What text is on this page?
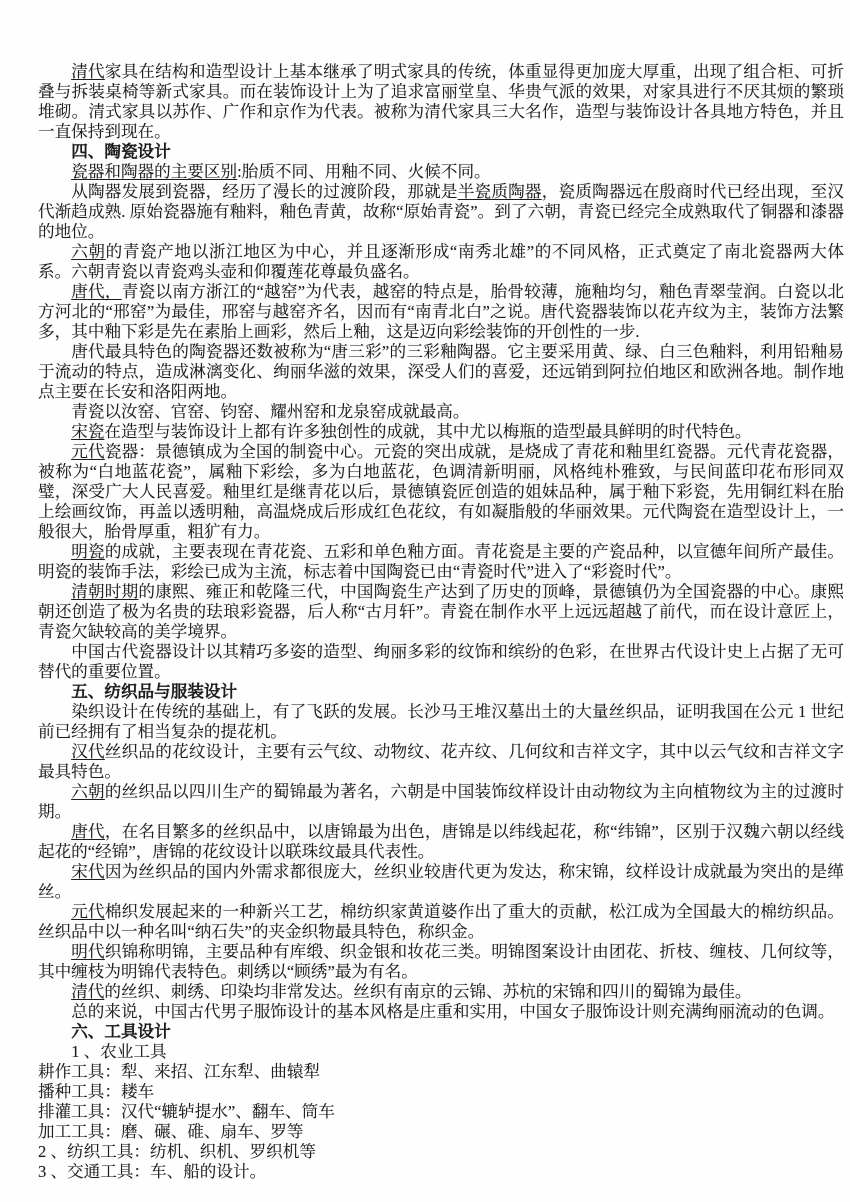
清代家具在结构和造型设计上基本继承了明式家具的传统，体重显得更加庞大厚重，出现了组合柜、可折叠与拆装桌椅等新式家具。而在装饰设计上为了追求富丽堂皇、华贵气派的效果，对家具进行不厌其烦的繁琐堆砌。清式家具以苏作、广作和京作为代表。被称为清代家具三大名作，造型与装饰设计各具地方特色，并且一直保持到现在。

四、陶瓷设计

瓷器和陶器的主要区别:胎质不同、用釉不同、火候不同。

从陶器发展到瓷器，经历了漫长的过渡阶段，那就是半瓷质陶器，瓷质陶器远在殷商时代已经出现，至汉代渐趋成熟. 原始瓷器施有釉料，釉色青黄，故称“原始青瓷”。到了六朝，青瓷已经完全成熟取代了铜器和漆器的地位。

六朝的青瓷产地以浙江地区为中心，并且逐渐形成“南秀北雄”的不同风格，正式奠定了南北瓷器两大体系。六朝青瓷以青瓷鸡头壶和仰覆莲花尊最负盛名。

唐代，青瓷以南方浙江的“越窑”为代表，越窑的特点是，胎骨较薄，施釉均匀，釉色青翠莹润。白瓷以北方河北的“邢窑”为最佳，邢窑与越窑齐名，因而有“南青北白”之说。唐代瓷器装饰以花卉纹为主，装饰方法繁多，其中釉下彩是先在素胎上画彩，然后上釉，这是迈向彩绘装饰的开创性的一步.

唐代最具特色的陶瓷器还数被称为“唐三彩”的三彩釉陶器。它主要采用黄、绿、白三色釉料，利用铅釉易于流动的特点，造成淋漓变化、绚丽华滋的效果，深受人们的喜爱，还远销到阿拉伯地区和欧洲各地。制作地点主要在长安和洛阳两地。

青瓷以汝窑、官窑、钧窑、耀州窑和龙泉窑成就最高。

宋瓷在造型与装饰设计上都有许多独创性的成就，其中尤以梅瓶的造型最具鲜明的时代特色。

元代瓷器：景德镇成为全国的制瓷中心。元瓷的突出成就，是烧成了青花和釉里红瓷器。元代青花瓷器，被称为“白地蓝花瓷”，属釉下彩绘，多为白地蓝花，色调清新明丽，风格纯朴雅致，与民间蓝印花布形同双璧，深受广大人民喜爱。釉里红是继青花以后，景德镇瓷匠创造的姐妹品种，属于釉下彩瓷，先用铜红料在胎上绘画纹饰，再盖以透明釉，高温烧成后形成红色花纹，有如凝脂般的华丽效果。元代陶瓷在造型设计上，一般很大，胎骨厚重，粗犷有力。

明瓷的成就，主要表现在青花瓷、五彩和单色釉方面。青花瓷是主要的产瓷品种，以宣德年间所产最佳。明瓷的装饰手法，彩绘已成为主流，标志着中国陶瓷已由“青瓷时代”进入了“彩瓷时代”。

清朝时期的康熙、雍正和乾隆三代，中国陶瓷生产达到了历史的顶峰，景德镇仍为全国瓷器的中心。康熙朝还创造了极为名贵的珐琅彩瓷器，后人称“古月轩”。青瓷在制作水平上远远超越了前代，而在设计意匠上，青瓷欠缺较高的美学境界。

中国古代瓷器设计以其精巧多姿的造型、绚丽多彩的纹饰和缤纷的色彩，在世界古代设计史上占据了无可替代的重要位置。

五、纺织品与服装设计

染织设计在传统的基础上，有了飞跃的发展。长沙马王堆汉墓出土的大量丝织品，证明我国在公元 1 世纪前已经拥有了相当复杂的提花机。

汉代丝织品的花纹设计，主要有云气纹、动物纹、花卉纹、几何纹和吉祥文字，其中以云气纹和吉祥文字最具特色。

六朝的丝织品以四川生产的蜀锦最为著名，六朝是中国装饰纹样设计由动物纹为主向植物纹为主的过渡时期。

唐代，在名目繁多的丝织品中，以唐锦最为出色，唐锦是以纬线起花，称“纬锦”，区别于汉魏六朝以经线起花的“经锦”，唐锦的花纹设计以联珠纹最具代表性。

宋代因为丝织品的国内外需求都很庞大，丝织业较唐代更为发达，称宋锦，纹样设计成就最为突出的是缂丝。

元代棉织发展起来的一种新兴工艺，棉纺织家黄道婆作出了重大的贡献，松江成为全国最大的棉纺织品。丝织品中以一种名叫“纳石失”的夹金织物最具特色，称织金。

明代织锦称明锦，主要品种有库缎、织金银和妆花三类。明锦图案设计由团花、折枝、缠枝、几何纹等，其中缠枝为明锦代表特色。刺绣以“顾绣”最为有名。

清代的丝织、刺绣、印染均非常发达。丝织有南京的云锦、苏杭的宋锦和四川的蜀锦为最佳。

总的来说，中国古代男子服饰设计的基本风格是庄重和实用，中国女子服饰设计则充满绚丽流动的色调。

六、工具设计

1 、农业工具

耕作工具：犁、来招、江东犁、曲辕犁

播种工具：耧车

排灌工具：汉代“辘轳提水”、翻车、筒车

加工工具：磨、碾、碓、扇车、罗等

2 、纺织工具：纺机、织机、罗织机等

3 、交通工具：车、船的设计。
